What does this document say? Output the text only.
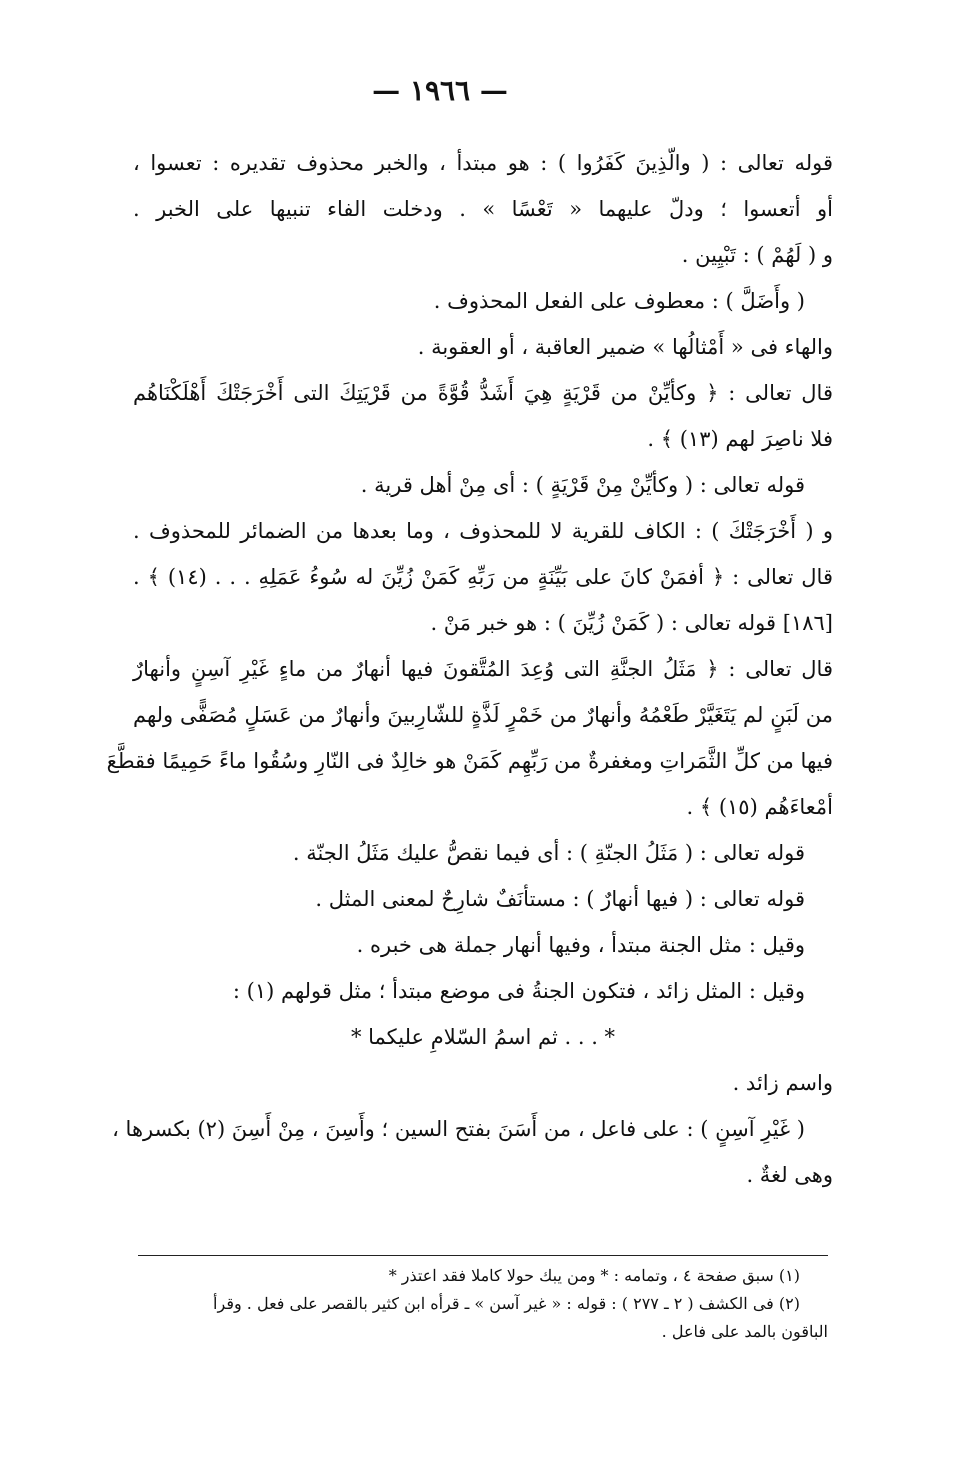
— ١٩٦٦ —
قوله تعالى : ( والّذِينَ كَفَرُوا ) : هو مبتدأ ، والخبر محذوف تقديره : تعسوا ،
أو أتعسوا ؛ ودلّ عليهما « تَعْسًا » . ودخلت الفاء تنبيها على الخبر .
و ( لَهُمْ ) : تَبْيِين .
( وأَضَلَّ ) : معطوف على الفعل المحذوف .
والهاء فى « أَمْثالُها » ضمير العاقبة ، أو العقوبة .
قال تعالى : ﴿ وكأيِّنْ من قَرْيَةٍ هِيَ أَشَدُّ قُوَّةً من قَرْيَتِكَ التى أَخْرَجَتْكَ أَهْلَكْنَاهُم
فلا ناصِرَ لهم (١٣) ﴾ .
قوله تعالى : ( وكأيِّنْ مِنْ قَرْيَةٍ ) : أى مِنْ أهل قرية .
و ( أَخْرَجَتْكَ ) : الكاف للقرية لا للمحذوف ، وما بعدها من الضمائر للمحذوف .
قال تعالى : ﴿ أفمَنْ كانَ على بَيِّنَةٍ من رَبِّهِ كَمَنْ زُيِّنَ له سُوءُ عَمَلِهِ . . . (١٤) ﴾ .
[١٨٦] قوله تعالى : ( كَمَنْ زُيِّنَ ) : هو خبر مَنْ .
قال تعالى : ﴿ مَثَلُ الجنَّةِ التى وُعِدَ المُتَّقونَ فيها أنهارٌ من ماءٍ غَيْرِ آسِنٍ وأنهارٌ
من لَبَنٍ لم يَتَغَيَّرْ طَعْمُهُ وأنهارٌ من خَمْرٍ لَذَّةٍ للشّارِبينَ وأنهارٌ من عَسَلٍ مُصَفًّى ولهم
فيها من كلِّ الثَّمَراتِ ومغفرةٌ من رَبِّهِم كَمَنْ هو خالِدٌ فى النّارِ وسُقُوا ماءً حَمِيمًا فقطَّعَ
أمْعاءَهُم (١٥) ﴾ .
قوله تعالى : ( مَثَلُ الجنّةِ ) : أى فيما نقصُّ عليك مَثَلُ الجنّة .
قوله تعالى : ( فيها أنهارٌ ) : مستأنَفٌ شارِحٌ لمعنى المثل .
وقيل : مثل الجنة مبتدأ ، وفيها أنهار جملة هى خبره .
وقيل : المثل زائد ، فتكون الجنةُ فى موضع مبتدأ ؛ مثل قولهم (١) :
* . . . ثم اسمُ السّلامِ عليكما *
واسم زائد .
( غَيْرِ آسِنٍ ) : على فاعل ، من أَسَنَ بفتح السين ؛ وأَسِنَ ، مِنْ أَسِنَ (٢) بكسرها ،
وهى لغةٌ .
(١) سبق صفحة ٤ ، وتمامه : * ومن يبك حولا كاملا فقد اعتذر *
(٢) فى الكشف ( ٢ ـ ٢٧٧ ) : قوله : « غير آسن » ـ قرأه ابن كثير بالقصر على فعل . وقرأ
الباقون بالمد على فاعل .
